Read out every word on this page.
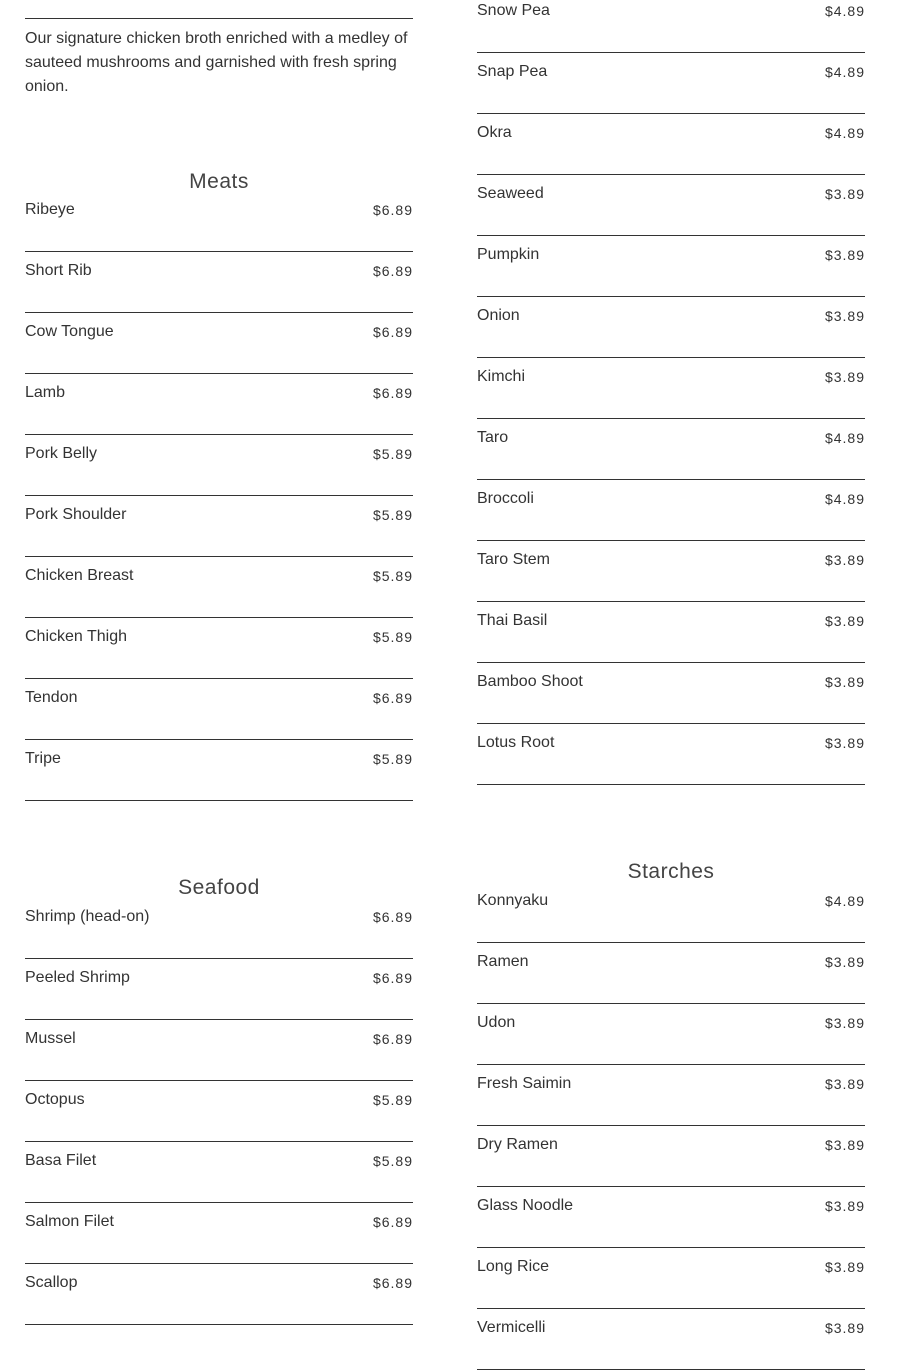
Our signature chicken broth enriched with a medley of sauteed mushrooms and garnished with fresh spring onion.
Meats
Ribeye	$6.89
Short Rib	$6.89
Cow Tongue	$6.89
Lamb	$6.89
Pork Belly	$5.89
Pork Shoulder	$5.89
Chicken Breast	$5.89
Chicken Thigh	$5.89
Tendon	$6.89
Tripe	$5.89
Seafood
Shrimp (head-on)	$6.89
Peeled Shrimp	$6.89
Mussel	$6.89
Octopus	$5.89
Basa Filet	$5.89
Salmon Filet	$6.89
Scallop	$6.89
Snow Pea	$4.89
Snap Pea	$4.89
Okra	$4.89
Seaweed	$3.89
Pumpkin	$3.89
Onion	$3.89
Kimchi	$3.89
Taro	$4.89
Broccoli	$4.89
Taro Stem	$3.89
Thai Basil	$3.89
Bamboo Shoot	$3.89
Lotus Root	$3.89
Starches
Konnyaku	$4.89
Ramen	$3.89
Udon	$3.89
Fresh Saimin	$3.89
Dry Ramen	$3.89
Glass Noodle	$3.89
Long Rice	$3.89
Vermicelli	$3.89
